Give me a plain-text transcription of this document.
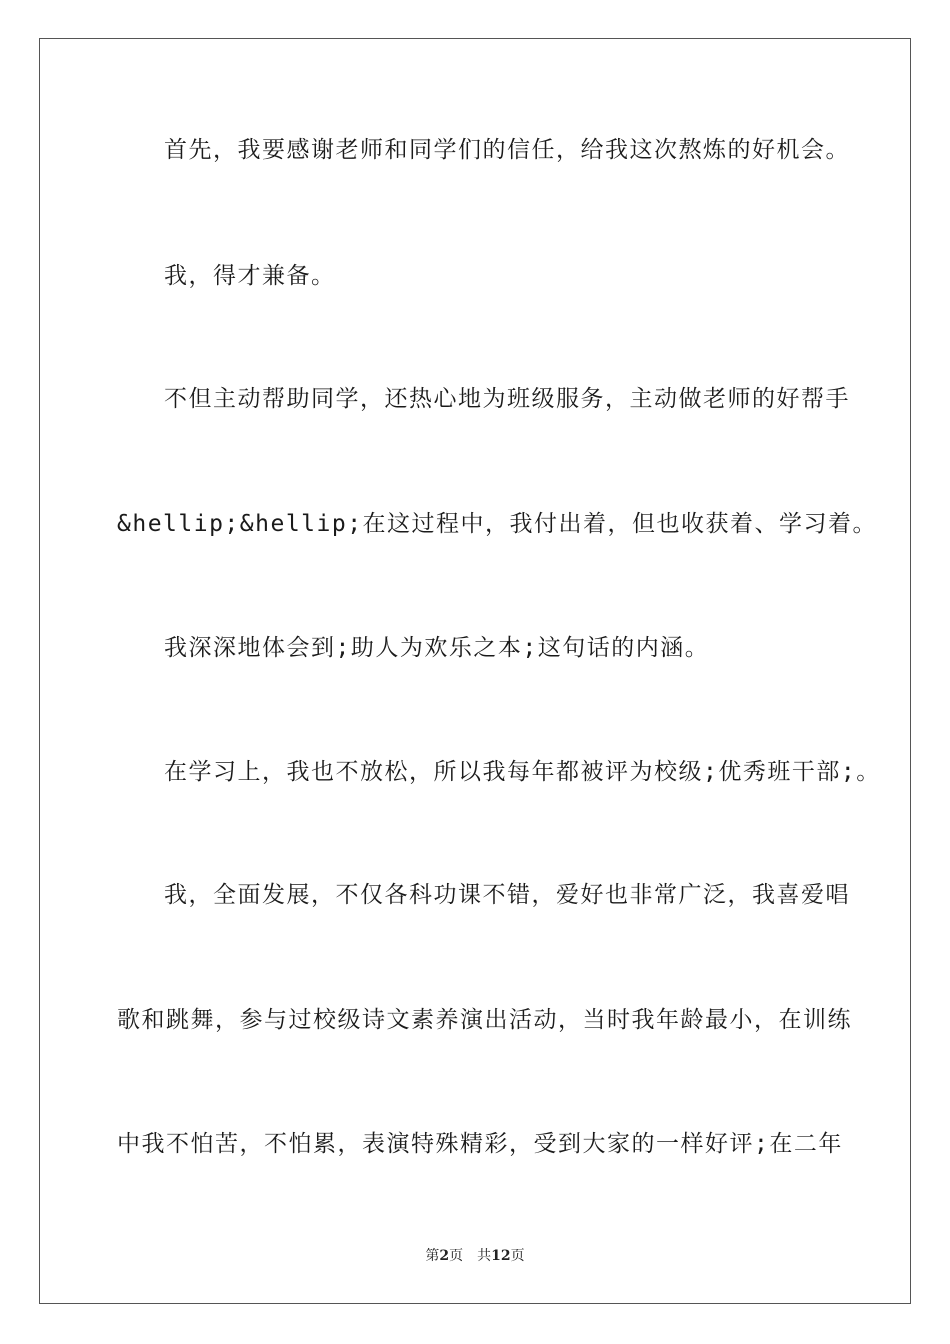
首先，我要感谢老师和同学们的信任，给我这次熬炼的好机会。
我，得才兼备。
不但主动帮助同学，还热心地为班级服务，主动做老师的好帮手
&hellip;&hellip;在这过程中，我付出着，但也收获着、学习着。
我深深地体会到;助人为欢乐之本;这句话的内涵。
在学习上，我也不放松，所以我每年都被评为校级;优秀班干部;。
我，全面发展，不仅各科功课不错，爱好也非常广泛，我喜爱唱
歌和跳舞，参与过校级诗文素养演出活动，当时我年龄最小，在训练
中我不怕苦，不怕累，表演特殊精彩，受到大家的一样好评;在二年
第2页 共12页
